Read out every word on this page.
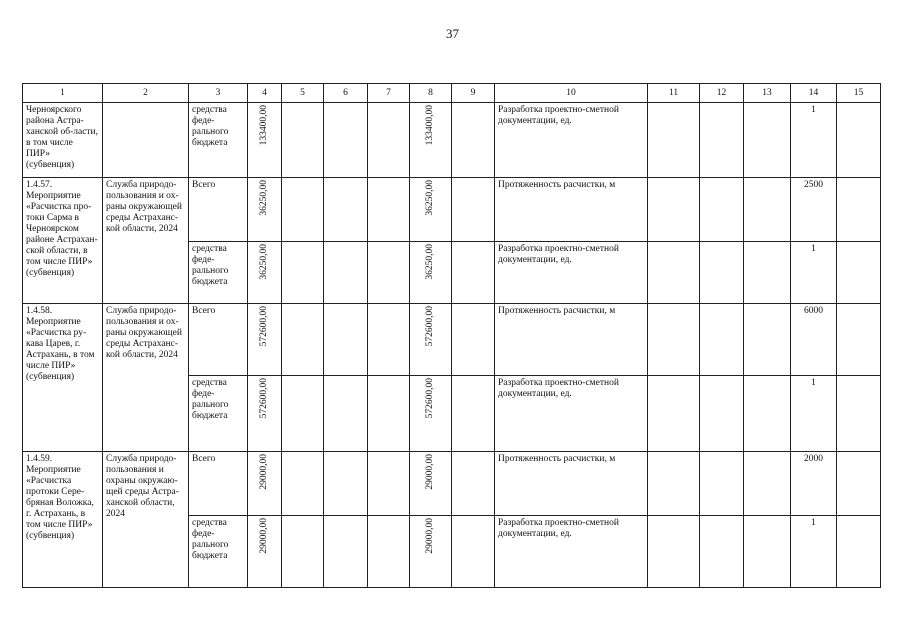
37
1	2	3	4	5	6	7	8	9	10	11	12	13	14	15
Черноярского района Астра-ханской об-ласти, в том числе ПИР» (субвенция)		средства феде-рального бюджета	133400,00				133400,00		Разработка проектно-сметной документации, ед.				1	
1.4.57. Мероприятие «Расчистка про-токи Сарма в Черноярском районе Астрахан-ской области, в том числе ПИР» (субвенция)	Служба природо-пользования и ох-раны окружающей среды Астраханс-кой области, 2024	Всего	36250,00				36250,00		Протяженность расчистки, м				2500	
		средства феде-рального бюджета	36250,00				36250,00		Разработка проектно-сметной документации, ед.				1	
1.4.58. Мероприятие «Расчистка ру-кава Царев, г. Астрахань, в том числе ПИР» (субвенция)	Служба природо-пользования и ох-раны окружающей среды Астраханс-кой области, 2024	Всего	572600,00				572600,00		Протяженность расчистки, м				6000	
		средства феде-рального бюджета	572600,00				572600,00		Разработка проектно-сметной документации, ед.				1	
1.4.59. Мероприятие «Расчистка протоки Сере-бряная Воложка, г. Астрахань, в том числе ПИР» (субвенция)	Служба природо-пользования и охраны окружаю-щей среды Астра-ханской области, 2024	Всего	29000,00				29000,00		Протяженность расчистки, м				2000	
		средства феде-рального бюджета	29000,00				29000,00		Разработка проектно-сметной документации, ед.				1	
